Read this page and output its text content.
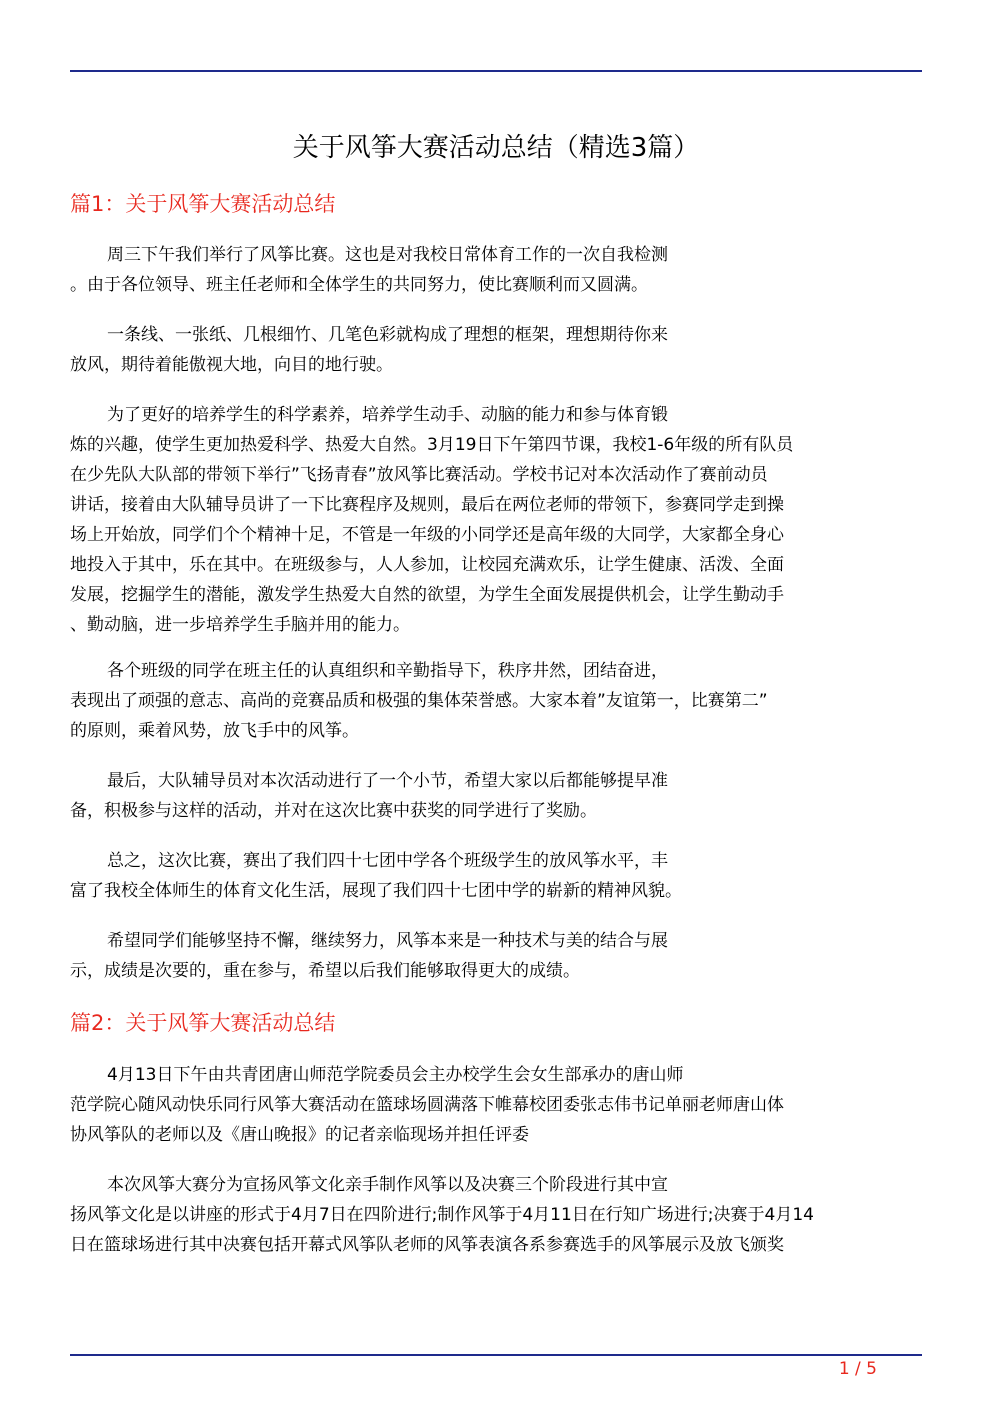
关于风筝大赛活动总结（精选3篇）
篇1：关于风筝大赛活动总结

周三下午我们举行了风筝比赛。这也是对我校日常体育工作的一次自我检测
。由于各位领导、班主任老师和全体学生的共同努力，使比赛顺利而又圆满。

一条线、一张纸、几根细竹、几笔色彩就构成了理想的框架，理想期待你来
放风，期待着能傲视大地，向目的地行驶。

为了更好的培养学生的科学素养，培养学生动手、动脑的能力和参与体育锻
炼的兴趣，使学生更加热爱科学、热爱大自然。3月19日下午第四节课，我校1-6年级的所有队员
在少先队大队部的带领下举行”飞扬青春”放风筝比赛活动。学校书记对本次活动作了赛前动员
讲话，接着由大队辅导员讲了一下比赛程序及规则，最后在两位老师的带领下，参赛同学走到操
场上开始放，同学们个个精神十足，不管是一年级的小同学还是高年级的大同学，大家都全身心
地投入于其中，乐在其中。在班级参与，人人参加，让校园充满欢乐，让学生健康、活泼、全面
发展，挖掘学生的潜能，激发学生热爱大自然的欲望，为学生全面发展提供机会，让学生勤动手
、勤动脑，进一步培养学生手脑并用的能力。

各个班级的同学在班主任的认真组织和辛勤指导下，秩序井然，团结奋进，
表现出了顽强的意志、高尚的竞赛品质和极强的集体荣誉感。大家本着”友谊第一，比赛第二”
的原则，乘着风势，放飞手中的风筝。

最后，大队辅导员对本次活动进行了一个小节，希望大家以后都能够提早准
备，积极参与这样的活动，并对在这次比赛中获奖的同学进行了奖励。

总之，这次比赛，赛出了我们四十七团中学各个班级学生的放风筝水平，丰
富了我校全体师生的体育文化生活，展现了我们四十七团中学的崭新的精神风貌。

希望同学们能够坚持不懈，继续努力，风筝本来是一种技术与美的结合与展
示，成绩是次要的，重在参与，希望以后我们能够取得更大的成绩。

篇2：关于风筝大赛活动总结

4月13日下午由共青团唐山师范学院委员会主办校学生会女生部承办的唐山师
范学院心随风动快乐同行风筝大赛活动在篮球场圆满落下帷幕校团委张志伟书记单丽老师唐山体
协风筝队的老师以及《唐山晚报》的记者亲临现场并担任评委

本次风筝大赛分为宣扬风筝文化亲手制作风筝以及决赛三个阶段进行其中宣
扬风筝文化是以讲座的形式于4月7日在四阶进行;制作风筝于4月11日在行知广场进行;决赛于4月14
日在篮球场进行其中决赛包括开幕式风筝队老师的风筝表演各系参赛选手的风筝展示及放飞颁奖

1 / 5
